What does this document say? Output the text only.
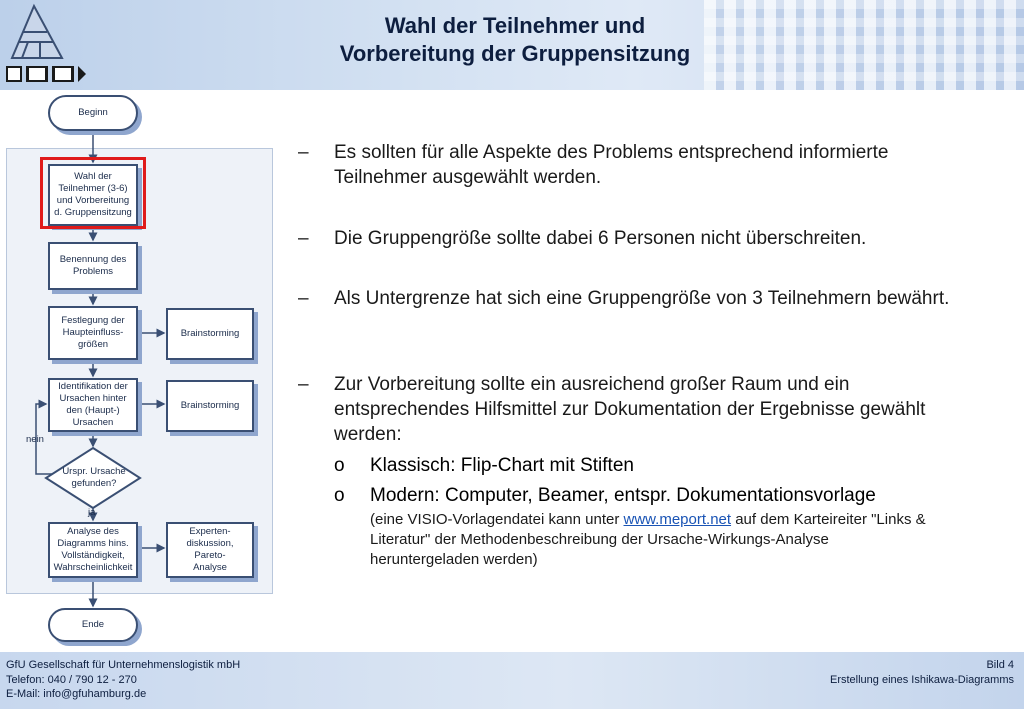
Wahl der Teilnehmer und
Vorbereitung der Gruppensitzung
Beginn
Wahl der
Teilnehmer (3-6)
und Vorbereitung
d. Gruppensitzung
Benennung des
Problems
Festlegung der
Haupteinfluss-
größen
Brainstorming
Identifikation der
Ursachen hinter
den (Haupt-)
Ursachen
Brainstorming
Urspr. Ursache
gefunden?
nein
ja
Analyse des
Diagramms hins.
Vollständigkeit,
Wahrscheinlichkeit
Experten-
diskussion,
Pareto-
Analyse
Ende
– Es sollten für alle Aspekte des Problems entsprechend informierte Teilnehmer ausgewählt werden.
– Die Gruppengröße sollte dabei 6 Personen nicht überschreiten.
– Als Untergrenze hat sich eine Gruppengröße von 3 Teilnehmern bewährt.
– Zur Vorbereitung sollte ein ausreichend großer Raum und ein entsprechendes Hilfsmittel zur Dokumentation der Ergebnisse gewählt werden:
o Klassisch: Flip-Chart mit Stiften
o Modern: Computer, Beamer, entspr. Dokumentationsvorlage
(eine VISIO-Vorlagendatei kann unter www.meport.net auf dem Karteireiter "Links & Literatur" der Methodenbeschreibung der Ursache-Wirkungs-Analyse heruntergeladen werden)
GfU Gesellschaft für Unternehmenslogistik mbH
Telefon: 040 / 790 12 - 270
E-Mail: info@gfuhamburg.de
Bild 4
Erstellung eines Ishikawa-Diagramms
